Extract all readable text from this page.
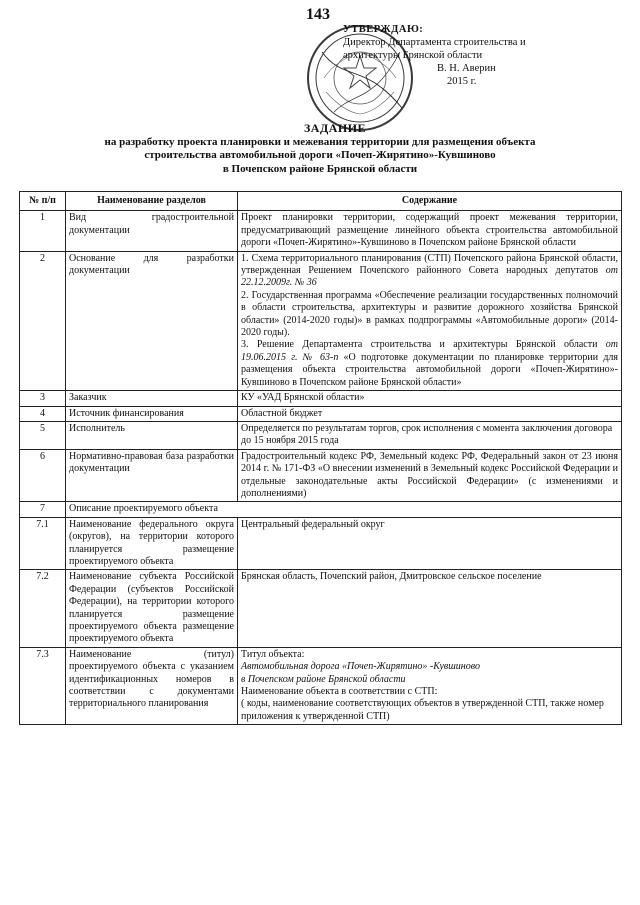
143
УТВЕРЖДАЮ:
Директор Департамента строительства и
архитектуры Брянской области
В. Н. Аверин
2015 г.
ЗАДАНИЕ
на разработку проекта планировки и межевания территории для размещения объекта
строительства автомобильной дороги «Почеп-Жирятино»-Кувшиново
в Почепском районе Брянской области
№ п/п	Наименование разделов	Содержание
1	Вид градостроительной документации	Проект планировки территории, содержащий проект межевания территории, предусматривающий размещение линейного объекта строительства автомобильной дороги «Почеп-Жирятино»-Кувшиново в Почепском районе Брянской области
2	Основание для разработки документации	1. Схема территориального планирования (СТП) Почепского района Брянской области, утвержденная Решением Почепского районного Совета народных депутатов от 22.12.2009г. № 36
2. Государственная программа «Обеспечение реализации государственных полномочий в области строительства, архитектуры и развитие дорожного хозяйства Брянской области» (2014-2020 годы)» в рамках подпрограммы «Автомобильные дороги» (2014-2020 годы).
3. Решение Департамента строительства и архитектуры Брянской области от 19.06.2015 г. № 63-п «О подготовке документации по планировке территории для размещения объекта строительства автомобильной дороги «Почеп-Жирятино»-Кувшиново в Почепском районе Брянской области»

3	Заказчик	КУ «УАД Брянской области»
4	Источник финансирования	Областной бюджет
5	Исполнитель	Определяется по результатам торгов, срок исполнения с момента заключения договора до 15 ноября 2015 года
6	Нормативно-правовая база разработки документации	Градостроительный кодекс РФ, Земельный кодекс РФ, Федеральный закон от 23 июня 2014 г. № 171-ФЗ «О внесении изменений в Земельный кодекс Российской Федерации и отдельные законодательные акты Российской Федерации» (с изменениями и дополнениями)
7	Описание проектируемого объекта	
7.1	Наименование федерального округа (округов), на территории которого планируется размещение проектируемого объекта	Центральный федеральный округ
7.2	Наименование субъекта Российской Федерации (субъектов Российской Федерации), на территории которого планируется размещение проектируемого объекта размещение проектируемого объекта	Брянская область, Почепский район, Дмитровское сельское поселение
7.3	Наименование (титул) проектируемого объекта с указанием идентификационных номеров в соответствии с документами территориального планирования	Титул объекта:
Автомобильная дорога «Почеп-Жирятино» -Кувшиново
в Почепском районе Брянской области
Наименование объекта в соответствии с СТП:
( коды, наименование соответствующих объектов в утвержденной СТП, также номер приложения к утвержденной СТП)
